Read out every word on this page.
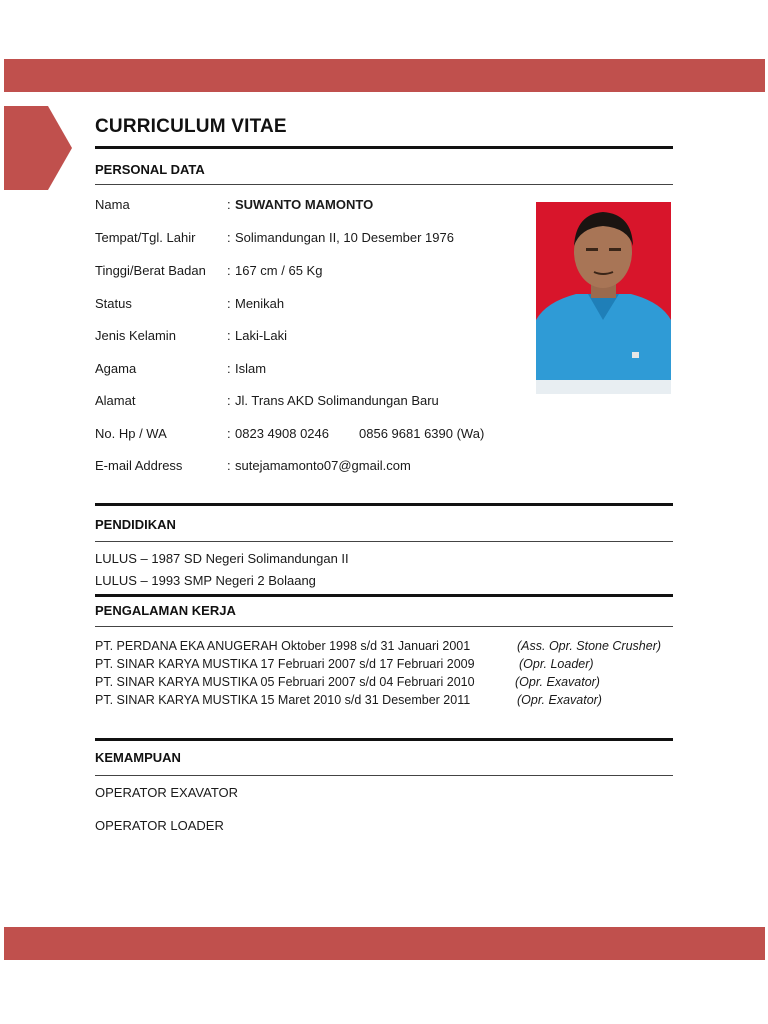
CURRICULUM VITAE
PERSONAL DATA
Nama	: SUWANTO MAMONTO
Tempat/Tgl. Lahir	: Solimandungan II, 10 Desember 1976
Tinggi/Berat Badan	: 167 cm / 65 Kg
Status	: Menikah
Jenis Kelamin	: Laki-Laki
Agama	: Islam
Alamat	: Jl. Trans AKD Solimandungan Baru
No. Hp / WA	: 0823 4908 0246 0856 9681 6390 (Wa)
E-mail Address	: sutejamamonto07@gmail.com
PENDIDIKAN
LULUS – 1987 SD Negeri Solimandungan II
LULUS – 1993 SMP Negeri 2 Bolaang
PENGALAMAN KERJA
PT. PERDANA EKA ANUGERAH Oktober 1998 s/d 31 Januari 2001	(Ass. Opr. Stone Crusher)
PT. SINAR KARYA MUSTIKA 17 Februari 2007 s/d 17 Februari 2009	(Opr. Loader)
PT. SINAR KARYA MUSTIKA 05 Februari 2007 s/d 04 Februari 2010	(Opr. Exavator)
PT. SINAR KARYA MUSTIKA 15 Maret 2010 s/d 31 Desember 2011	(Opr. Exavator)
KEMAMPUAN
OPERATOR EXAVATOR
OPERATOR LOADER
